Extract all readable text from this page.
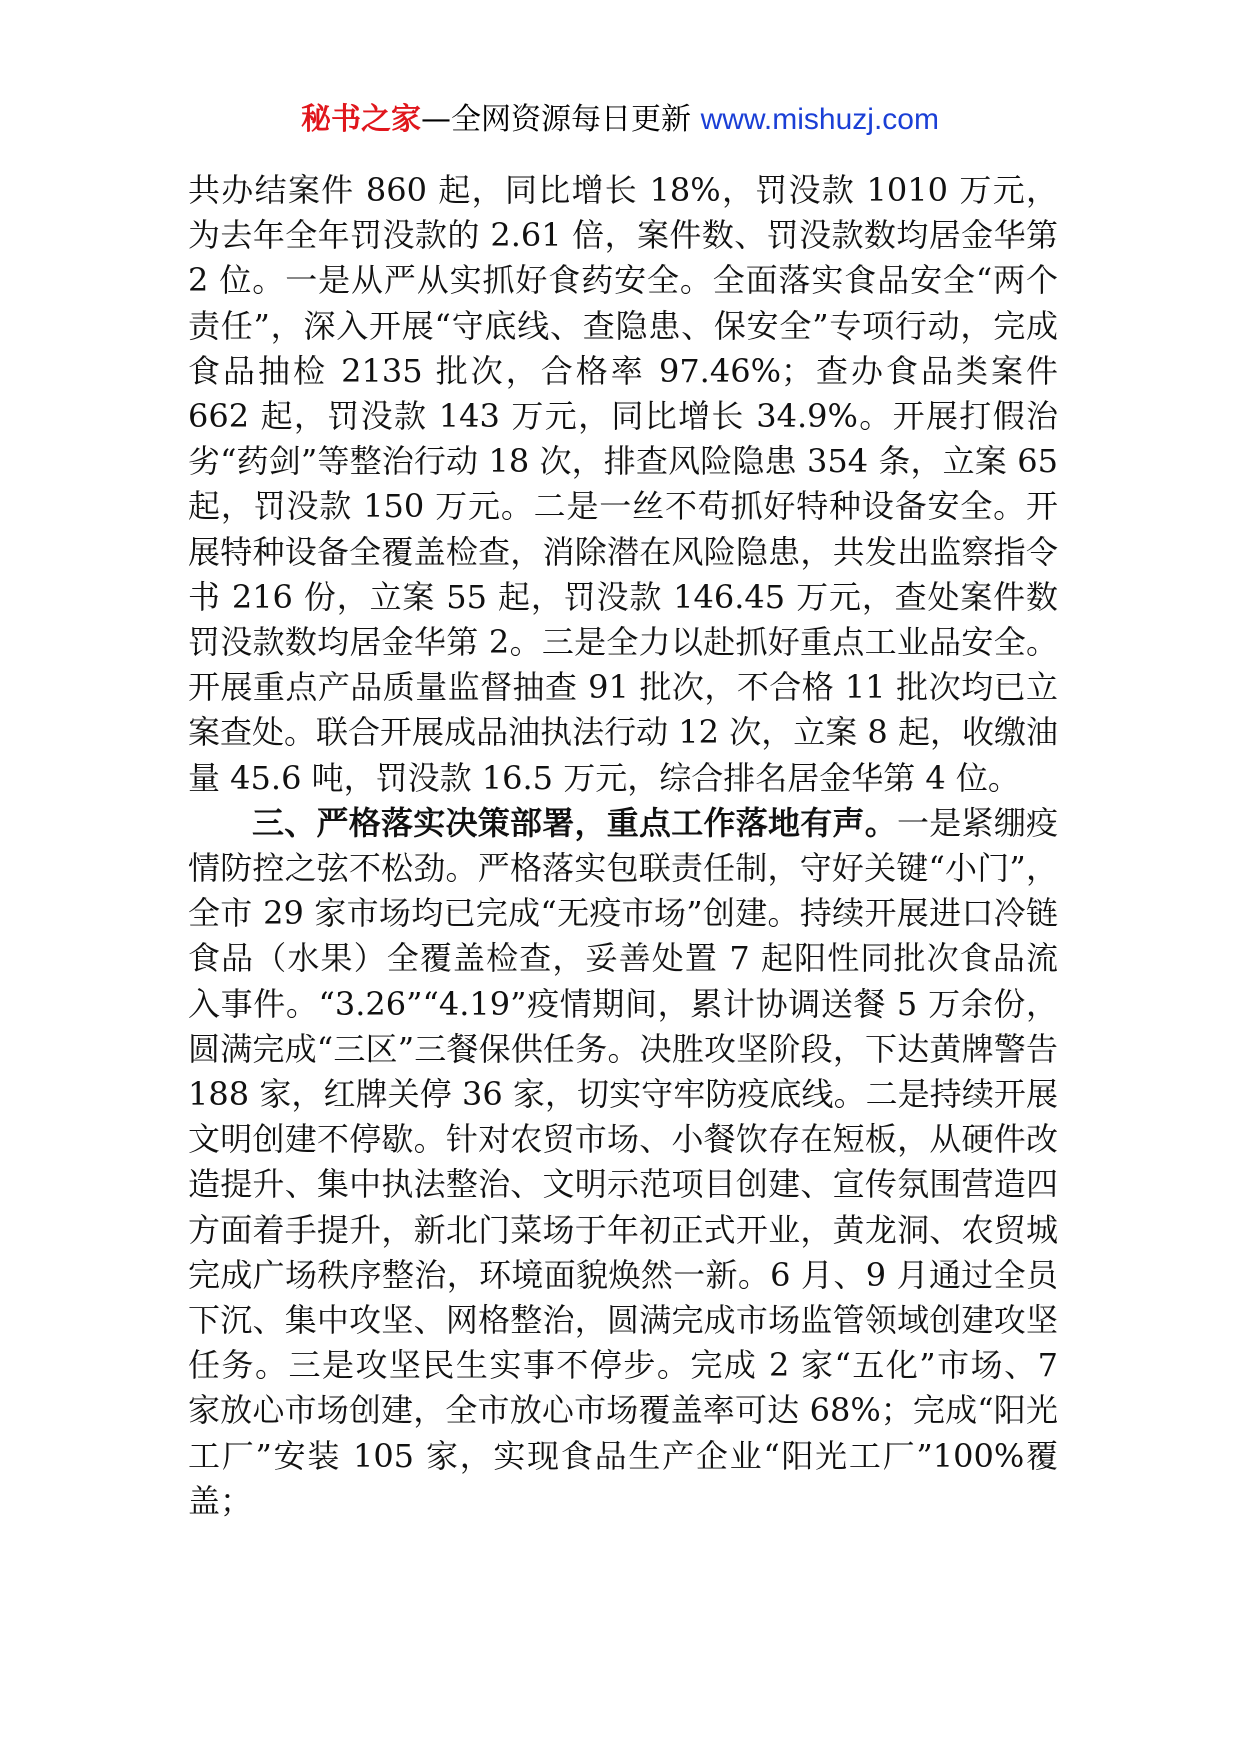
秘书之家—全网资源每日更新 www.mishuzj.com

共办结案件 860 起，同比增长 18%，罚没款 1010 万元，为去年全年罚没款的 2.61 倍，案件数、罚没款数均居金华第 2 位。一是从严从实抓好食药安全。全面落实食品安全“两个责任”，深入开展“守底线、查隐患、保安全”专项行动，完成食品抽检 2135 批次，合格率 97.46%；查办食品类案件 662 起，罚没款 143 万元，同比增长 34.9%。开展打假治劣“药剑”等整治行动 18 次，排查风险隐患 354 条，立案 65 起，罚没款 150 万元。二是一丝不苟抓好特种设备安全。开展特种设备全覆盖检查，消除潜在风险隐患，共发出监察指令书 216 份，立案 55 起，罚没款 146.45 万元，查处案件数罚没款数均居金华第 2。三是全力以赴抓好重点工业品安全。开展重点产品质量监督抽查 91 批次，不合格 11 批次均已立案查处。联合开展成品油执法行动 12 次，立案 8 起，收缴油量 45.6 吨，罚没款 16.5 万元，综合排名居金华第 4 位。

三、严格落实决策部署，重点工作落地有声。一是紧绷疫情防控之弦不松劲。严格落实包联责任制，守好关键“小门”，全市 29 家市场均已完成“无疫市场”创建。持续开展进口冷链食品（水果）全覆盖检查，妥善处置 7 起阳性同批次食品流入事件。“3.26”“4.19”疫情期间，累计协调送餐 5 万余份，圆满完成“三区”三餐保供任务。决胜攻坚阶段，下达黄牌警告 188 家，红牌关停 36 家，切实守牢防疫底线。二是持续开展文明创建不停歇。针对农贸市场、小餐饮存在短板，从硬件改造提升、集中执法整治、文明示范项目创建、宣传氛围营造四方面着手提升，新北门菜场于年初正式开业，黄龙洞、农贸城完成广场秩序整治，环境面貌焕然一新。6 月、9 月通过全员下沉、集中攻坚、网格整治，圆满完成市场监管领域创建攻坚任务。三是攻坚民生实事不停步。完成 2 家“五化”市场、7 家放心市场创建，全市放心市场覆盖率可达 68%；完成“阳光工厂”安装 105 家，实现食品生产企业“阳光工厂”100%覆盖；
